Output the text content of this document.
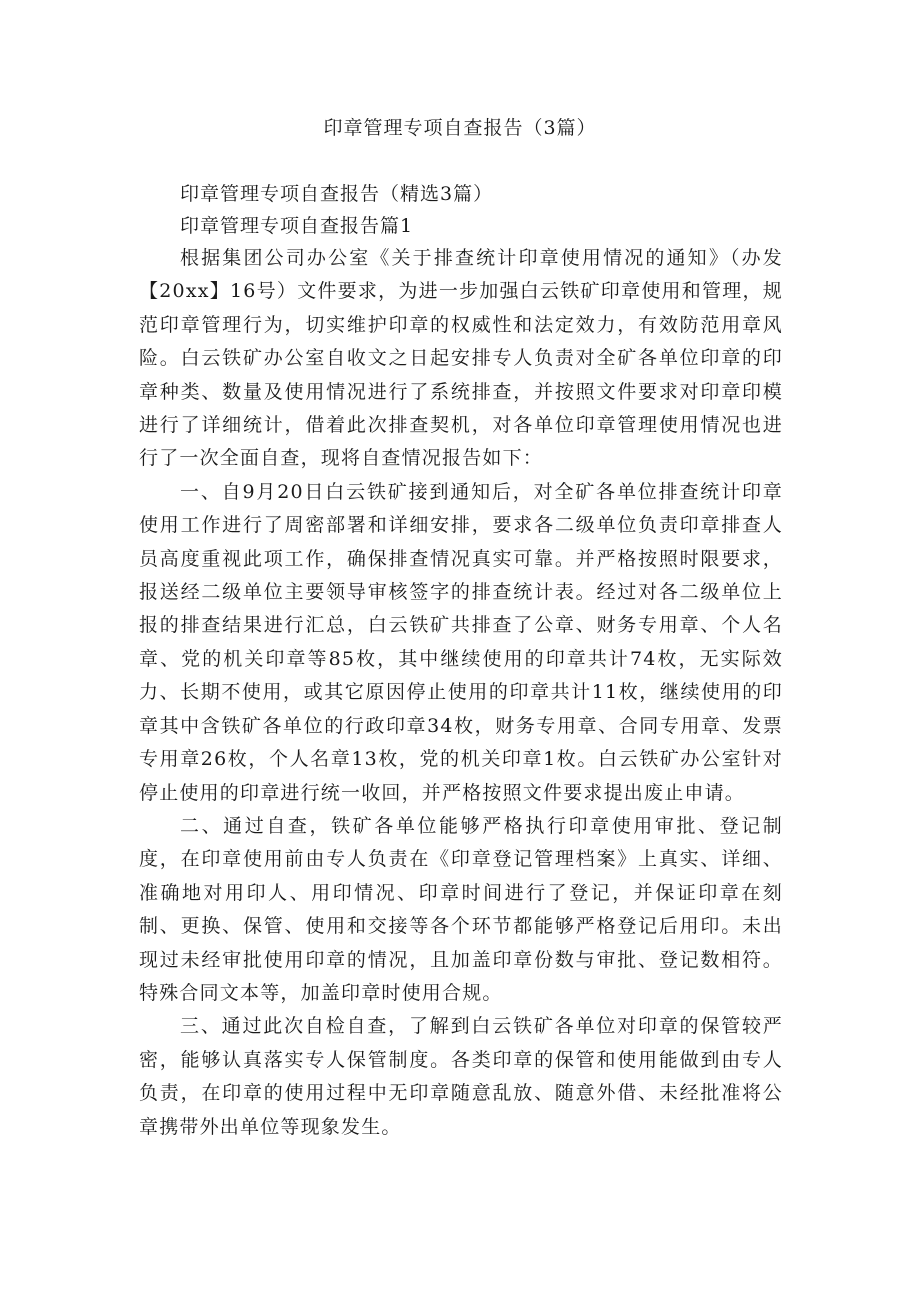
印章管理专项自查报告（3篇）

印章管理专项自查报告（精选3篇）

印章管理专项自查报告篇1

根据集团公司办公室《关于排查统计印章使用情况的通知》（办发【20xx】16号）文件要求，为进一步加强白云铁矿印章使用和管理，规范印章管理行为，切实维护印章的权威性和法定效力，有效防范用章风险。白云铁矿办公室自收文之日起安排专人负责对全矿各单位印章的印章种类、数量及使用情况进行了系统排查，并按照文件要求对印章印模进行了详细统计，借着此次排查契机，对各单位印章管理使用情况也进行了一次全面自查，现将自查情况报告如下：

一、自9月20日白云铁矿接到通知后，对全矿各单位排查统计印章使用工作进行了周密部署和详细安排，要求各二级单位负责印章排查人员高度重视此项工作，确保排查情况真实可靠。并严格按照时限要求，报送经二级单位主要领导审核签字的排查统计表。经过对各二级单位上报的排查结果进行汇总，白云铁矿共排查了公章、财务专用章、个人名章、党的机关印章等85枚，其中继续使用的印章共计74枚，无实际效力、长期不使用，或其它原因停止使用的印章共计11枚，继续使用的印章其中含铁矿各单位的行政印章34枚，财务专用章、合同专用章、发票专用章26枚，个人名章13枚，党的机关印章1枚。白云铁矿办公室针对停止使用的印章进行统一收回，并严格按照文件要求提出废止申请。

二、通过自查，铁矿各单位能够严格执行印章使用审批、登记制度，在印章使用前由专人负责在《印章登记管理档案》上真实、详细、准确地对用印人、用印情况、印章时间进行了登记，并保证印章在刻制、更换、保管、使用和交接等各个环节都能够严格登记后用印。未出现过未经审批使用印章的情况，且加盖印章份数与审批、登记数相符。特殊合同文本等，加盖印章时使用合规。

三、通过此次自检自查，了解到白云铁矿各单位对印章的保管较严密，能够认真落实专人保管制度。各类印章的保管和使用能做到由专人负责，在印章的使用过程中无印章随意乱放、随意外借、未经批准将公章携带外出单位等现象发生。
